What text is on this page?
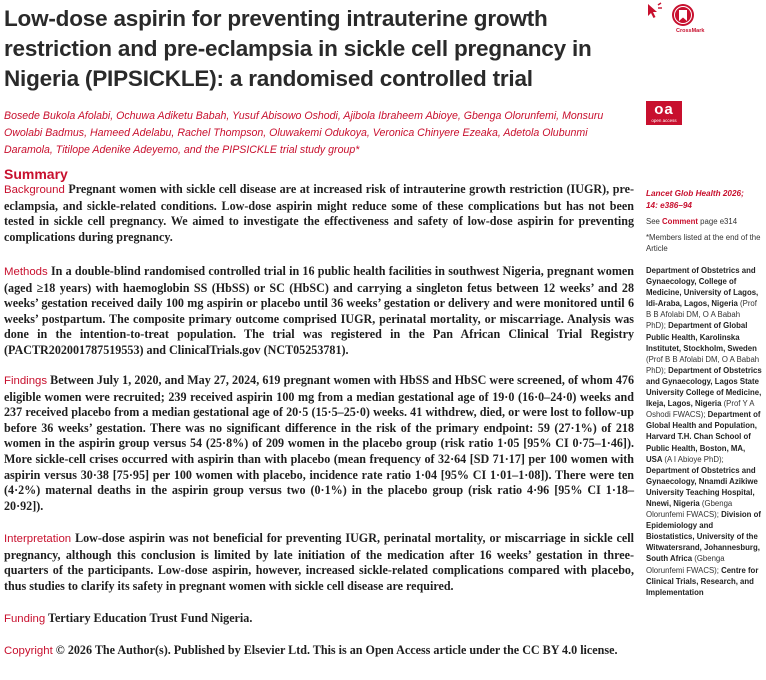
Low-dose aspirin for preventing intrauterine growth restriction and pre-eclampsia in sickle cell pregnancy in Nigeria (PIPSICKLE): a randomised controlled trial
CrossMark

Bosede Bukola Afolabi, Ochuwa Adiketu Babah, Yusuf Abisowo Oshodi, Ajibola Ibraheem Abioye, Gbenga Olorunfemi, Monsuru Owolabi Badmus, Hameed Adelabu, Rachel Thompson, Oluwakemi Odukoya, Veronica Chinyere Ezeaka, Adetola Olubunmi Daramola, Titilope Adenike Adeyemo, and the PIPSICKLE trial study group*

oa
open access
Summary

Background Pregnant women with sickle cell disease are at increased risk of intrauterine growth restriction (IUGR), pre-eclampsia, and sickle-related conditions. Low-dose aspirin might reduce some of these complications but has not been tested in sickle cell pregnancy. We aimed to investigate the effectiveness and safety of low-dose aspirin for preventing complications during pregnancy.

Methods In a double-blind randomised controlled trial in 16 public health facilities in southwest Nigeria, pregnant women (aged ≥18 years) with haemoglobin SS (HbSS) or SC (HbSC) and carrying a singleton fetus between 12 weeks’ and 28 weeks’ gestation received daily 100 mg aspirin or placebo until 36 weeks’ gestation or delivery and were monitored until 6 weeks’ postpartum. The composite primary outcome comprised IUGR, perinatal mortality, or miscarriage. Analysis was done in the intention-to-treat population. The trial was registered in the Pan African Clinical Trial Registry (PACTR202001787519553) and ClinicalTrials.gov (NCT05253781).

Findings Between July 1, 2020, and May 27, 2024, 619 pregnant women with HbSS and HbSC were screened, of whom 476 eligible women were recruited; 239 received aspirin 100 mg from a median gestational age of 19·0 (16·0–24·0) weeks and 237 received placebo from a median gestational age of 20·5 (15·5–25·0) weeks. 41 withdrew, died, or were lost to follow-up before 36 weeks’ gestation. There was no significant difference in the risk of the primary endpoint: 59 (27·1%) of 218 women in the aspirin group versus 54 (25·8%) of 209 women in the placebo group (risk ratio 1·05 [95% CI 0·75–1·46]). More sickle-cell crises occurred with aspirin than with placebo (mean frequency of 32·64 [SD 71·17] per 100 women with aspirin versus 30·38 [75·95] per 100 women with placebo, incidence rate ratio 1·04 [95% CI 1·01–1·08]). There were ten (4·2%) maternal deaths in the aspirin group versus two (0·1%) in the placebo group (risk ratio 4·96 [95% CI 1·18–20·92]).

Interpretation Low-dose aspirin was not beneficial for preventing IUGR, perinatal mortality, or miscarriage in sickle cell pregnancy, although this conclusion is limited by late initiation of the medication after 16 weeks’ gestation in three-quarters of the participants. Low-dose aspirin, however, increased sickle-related complications compared with placebo, thus studies to clarify its safety in pregnant women with sickle cell disease are required.

Funding Tertiary Education Trust Fund Nigeria.

Copyright © 2026 The Author(s). Published by Elsevier Ltd. This is an Open Access article under the CC BY 4.0 license.

Lancet Glob Health 2026;
14: e386–94
See Comment page e314
*Members listed at the end of the Article
Department of Obstetrics and Gynaecology, College of Medicine, University of Lagos, Idi-Araba, Lagos, Nigeria (Prof B B Afolabi DM, O A Babah PhD); Department of Global Public Health, Karolinska Institutet, Stockholm, Sweden (Prof B B Afolabi DM, O A Babah PhD); Department of Obstetrics and Gynaecology, Lagos State University College of Medicine, Ikeja, Lagos, Nigeria (Prof Y A Oshodi FWACS); Department of Global Health and Population, Harvard T.H. Chan School of Public Health, Boston, MA, USA (A I Abioye PhD); Department of Obstetrics and Gynaecology, Nnamdi Azikiwe University Teaching Hospital, Nnewi, Nigeria (Gbenga Olorunfemi FWACS); Division of Epidemiology and Biostatistics, University of the Witwatersrand, Johannesburg, South Africa (Gbenga Olorunfemi FWACS); Centre for Clinical Trials, Research, and Implementation
